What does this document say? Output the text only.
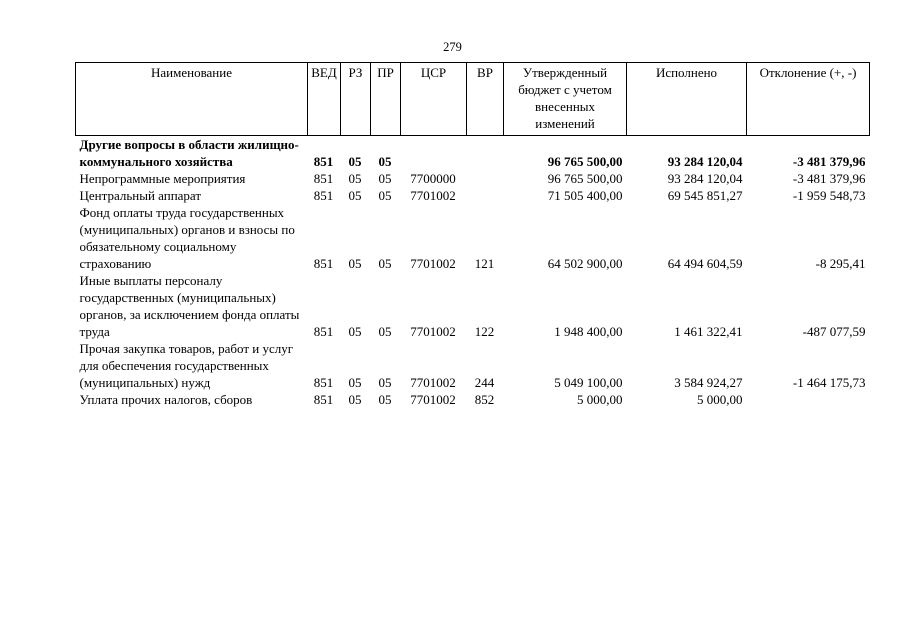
279
Наименование	ВЕД	РЗ	ПР	ЦСР	ВР	Утвержденный бюджет с учетом внесенных изменений	Исполнено	Отклонение (+, -)
Другие вопросы в области жилищно-коммунального хозяйства	851	05	05			96 765 500,00	93 284 120,04	-3 481 379,96
Непрограммные мероприятия	851	05	05	7700000		96 765 500,00	93 284 120,04	-3 481 379,96
Центральный аппарат	851	05	05	7701002		71 505 400,00	69 545 851,27	-1 959 548,73
Фонд оплаты труда государственных (муниципальных) органов и взносы по обязательному социальному страхованию	851	05	05	7701002	121	64 502 900,00	64 494 604,59	-8 295,41
Иные выплаты персоналу государственных (муниципальных) органов, за исключением фонда оплаты труда	851	05	05	7701002	122	1 948 400,00	1 461 322,41	-487 077,59
Прочая закупка товаров, работ и услуг для обеспечения государственных (муниципальных) нужд	851	05	05	7701002	244	5 049 100,00	3 584 924,27	-1 464 175,73
Уплата прочих налогов, сборов	851	05	05	7701002	852	5 000,00	5 000,00	
